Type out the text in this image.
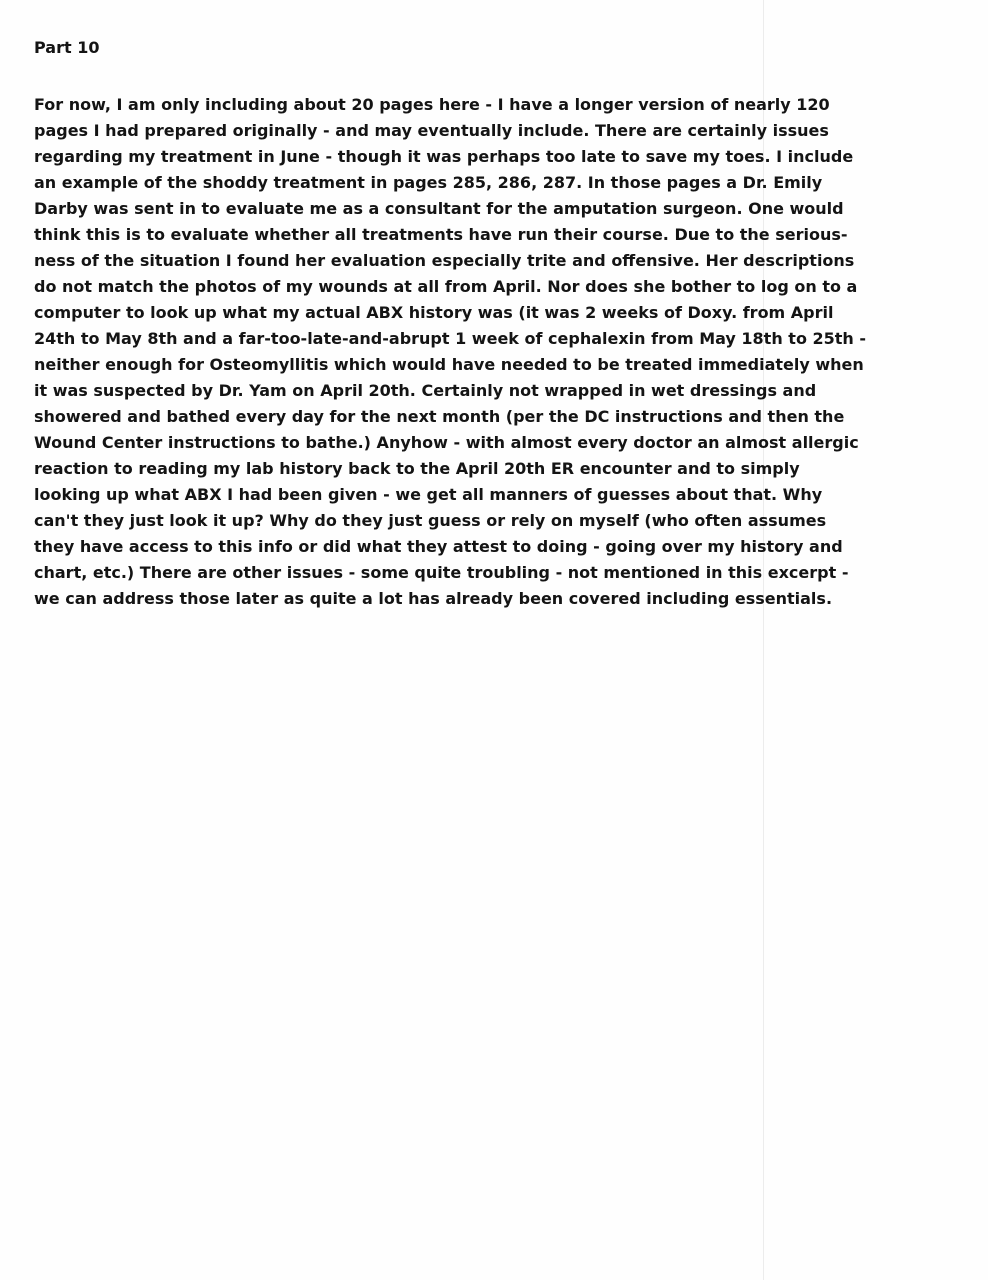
Part 10

For now, I am only including about 20 pages here - I have a longer version of nearly 120
pages I had prepared originally - and may eventually include. There are certainly issues
regarding my treatment in June - though it was perhaps too late to save my toes. I include
an example of the shoddy treatment in pages 285, 286, 287. In those pages a Dr. Emily
Darby was sent in to evaluate me as a consultant for the amputation surgeon. One would
think this is to evaluate whether all treatments have run their course. Due to the serious-
ness of the situation I found her evaluation especially trite and offensive. Her descriptions
do not match the photos of my wounds at all from April. Nor does she bother to log on to a
computer to look up what my actual ABX history was (it was 2 weeks of Doxy. from April
24th to May 8th and a far-too-late-and-abrupt 1 week of cephalexin from May 18th to 25th -
neither enough for Osteomyllitis which would have needed to be treated immediately when
it was suspected by Dr. Yam on April 20th. Certainly not wrapped in wet dressings and
showered and bathed every day for the next month (per the DC instructions and then the
Wound Center instructions to bathe.) Anyhow - with almost every doctor an almost allergic
reaction to reading my lab history back to the April 20th ER encounter and to simply
looking up what ABX I had been given - we get all manners of guesses about that. Why
can't they just look it up? Why do they just guess or rely on myself (who often assumes
they have access to this info or did what they attest to doing - going over my history and
chart, etc.) There are other issues - some quite troubling - not mentioned in this excerpt -
we can address those later as quite a lot has already been covered including essentials.
